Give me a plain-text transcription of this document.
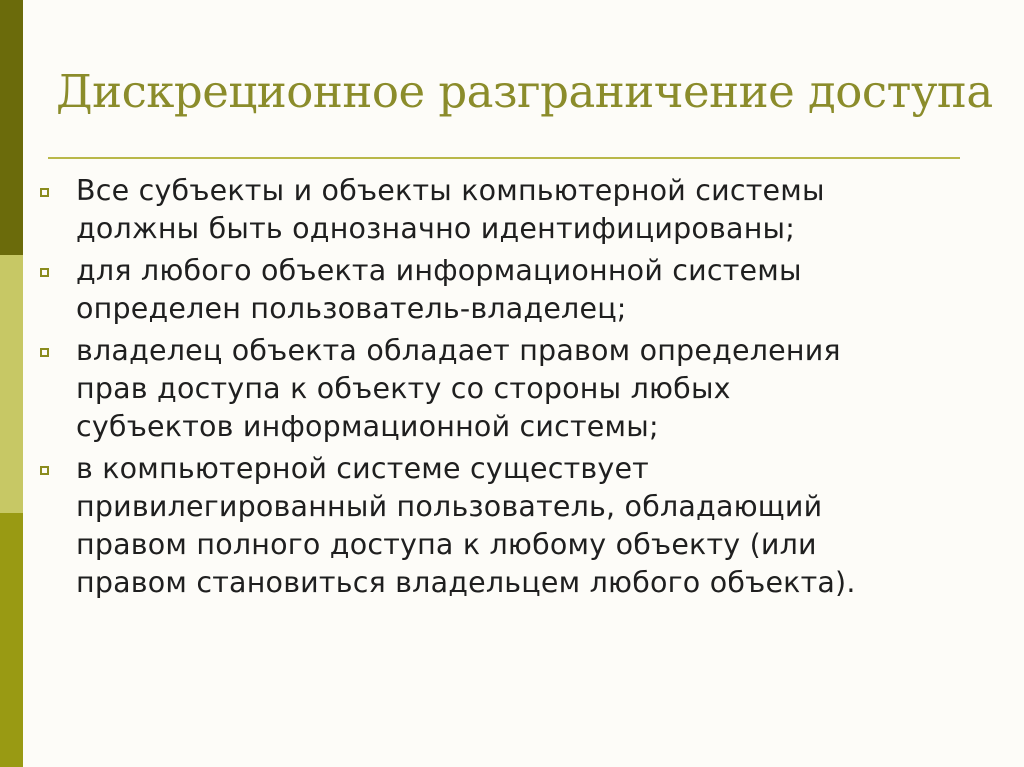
Дискреционное разграничение доступа
Все субъекты и объекты компьютерной системы
должны быть однозначно идентифицированы;
для любого объекта информационной системы
определен пользователь-владелец;
владелец объекта обладает правом определения
прав доступа к объекту со стороны любых
субъектов информационной системы;
в компьютерной системе существует
привилегированный пользователь, обладающий
правом полного доступа к любому объекту (или
правом становиться владельцем любого объекта).
